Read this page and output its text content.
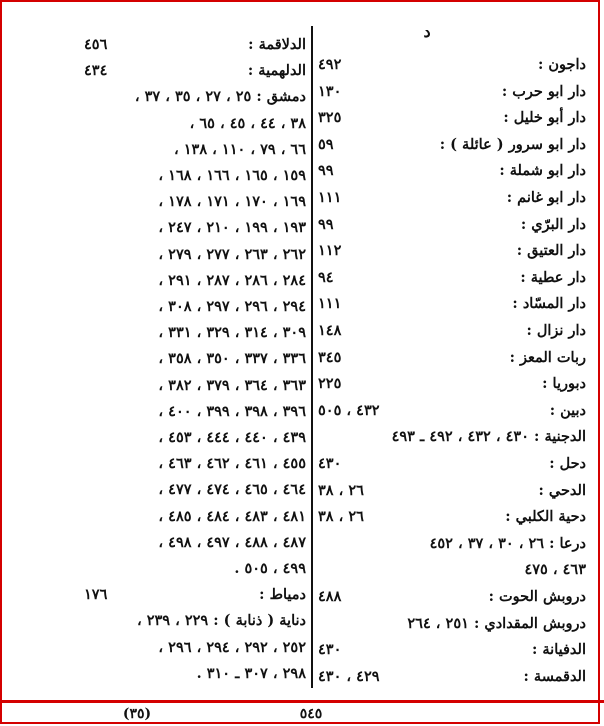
د
داجون :
٤٩٢
دار ابو حرب :
١٣٠
دار أبو خليل :
٣٢٥
دار ابو سرور ( عائلة ) :
٥٩
دار ابو شملة :
٩٩
دار ابو غانم :
١١١
دار البرّي :
٩٩
دار العتيق :
١١٢
دار عطية :
٩٤
دار المسّاد :
١١١
دار نزال :
١٤٨
ربات المعز :
٣٤٥
دبوريا :
٢٢٥
دبين :
٤٣٢ ، ٥٠٥
الدجنية : ٤٣٠ ، ٤٣٢ ، ٤٩٢ ـ ٤٩٣
دحل :
٤٣٠
الدحي :
٢٦ ، ٣٨
دحية الكلبي :
٢٦ ، ٣٨
درعا : ٢٦ ، ٣٠ ، ٣٧ ، ٤٥٢
٤٦٣ ، ٤٧٥
دروبش الحوت :
٤٨٨
دروبش المقدادي : ٢٥١ ، ٢٦٤
الدفيانة :
٤٣٠
الدقمسة :
٤٢٩ ، ٤٣٠
الدلاقمة :
٤٥٦
الدلهمية :
٤٣٤
دمشق : ٢٥ ، ٢٧ ، ٣٥ ، ٣٧ ،
٣٨ ، ٤٤ ، ٤٥ ، ٦٥ ،
٦٦ ، ٧٩ ، ١١٠ ، ١٣٨ ،
١٥٩ ، ١٦٥ ، ١٦٦ ، ١٦٨ ،
١٦٩ ، ١٧٠ ، ١٧١ ، ١٧٨ ،
١٩٣ ، ١٩٩ ، ٢١٠ ، ٢٤٧ ،
٢٦٢ ، ٢٦٣ ، ٢٧٧ ، ٢٧٩ ،
٢٨٤ ، ٢٨٦ ، ٢٨٧ ، ٢٩١ ،
٢٩٤ ، ٢٩٦ ، ٢٩٧ ، ٣٠٨ ،
٣٠٩ ، ٣١٤ ، ٣٢٩ ، ٣٣١ ،
٣٣٦ ، ٣٣٧ ، ٣٥٠ ، ٣٥٨ ،
٣٦٣ ، ٣٦٤ ، ٣٧٩ ، ٣٨٢ ،
٣٩٦ ، ٣٩٨ ، ٣٩٩ ، ٤٠٠ ،
٤٣٩ ، ٤٤٠ ، ٤٤٤ ، ٤٥٣ ،
٤٥٥ ، ٤٦١ ، ٤٦٢ ، ٤٦٣ ،
٤٦٤ ، ٤٦٥ ، ٤٧٤ ، ٤٧٧ ،
٤٨١ ، ٤٨٣ ، ٤٨٤ ، ٤٨٥ ،
٤٨٧ ، ٤٨٨ ، ٤٩٧ ، ٤٩٨ ،
٤٩٩ ، ٥٠٥ .
دمياط :
١٧٦
دناية ( ذنابة ) : ٢٢٩ ، ٢٣٩ ،
٢٥٢ ، ٢٩٢ ، ٢٩٤ ، ٢٩٦ ،
٢٩٨ ، ٣٠٧ ـ ٣١٠ .
٥٤٥
(٣٥)
